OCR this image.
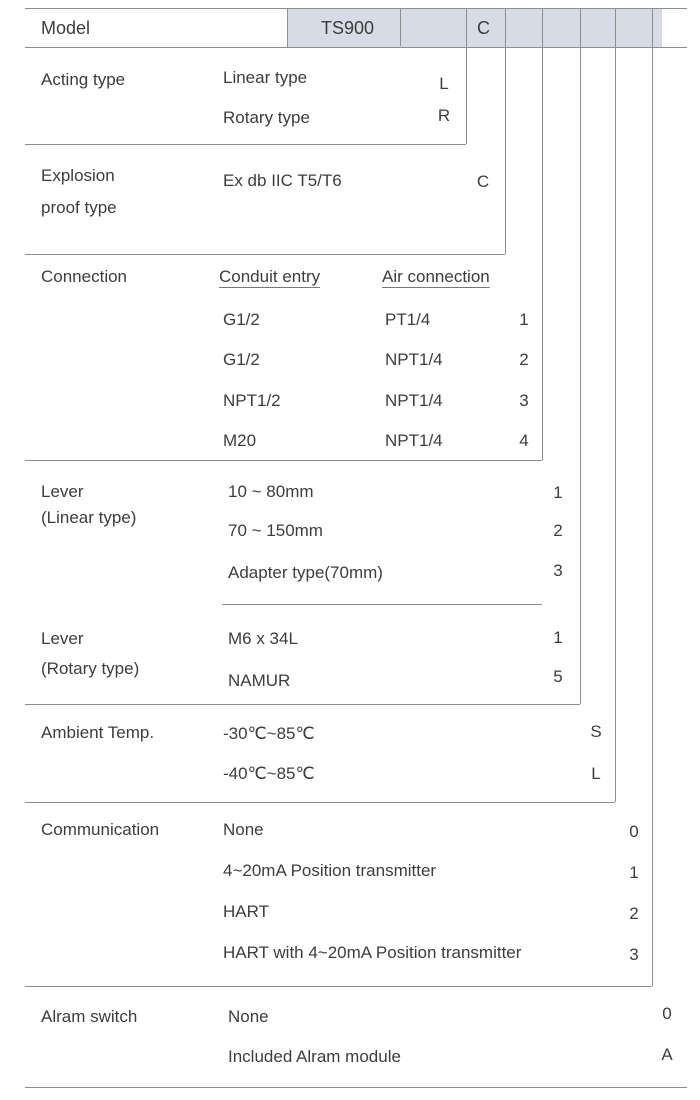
Model	TS900	C
Acting type	Linear type	L
Rotary type	R
Explosion
proof type
Ex db IIC T5/T6	C
Connection	Conduit entry	Air connection
G1/2	PT1/4	1
G1/2	NPT1/4	2
NPT1/2	NPT1/4	3
M20	NPT1/4	4
Lever
(Linear type)
10 ~ 80mm	1
70 ~ 150mm	2
Adapter type(70mm)	3
Lever
(Rotary type)
M6 x 34L	1
NAMUR	5
Ambient Temp.	-30℃~85℃	S
-40℃~85℃	L
Communication	None	0
4~20mA Position transmitter	1
HART	2
HART with 4~20mA Position transmitter	3
Alram switch	None	0
Included Alram module	A
